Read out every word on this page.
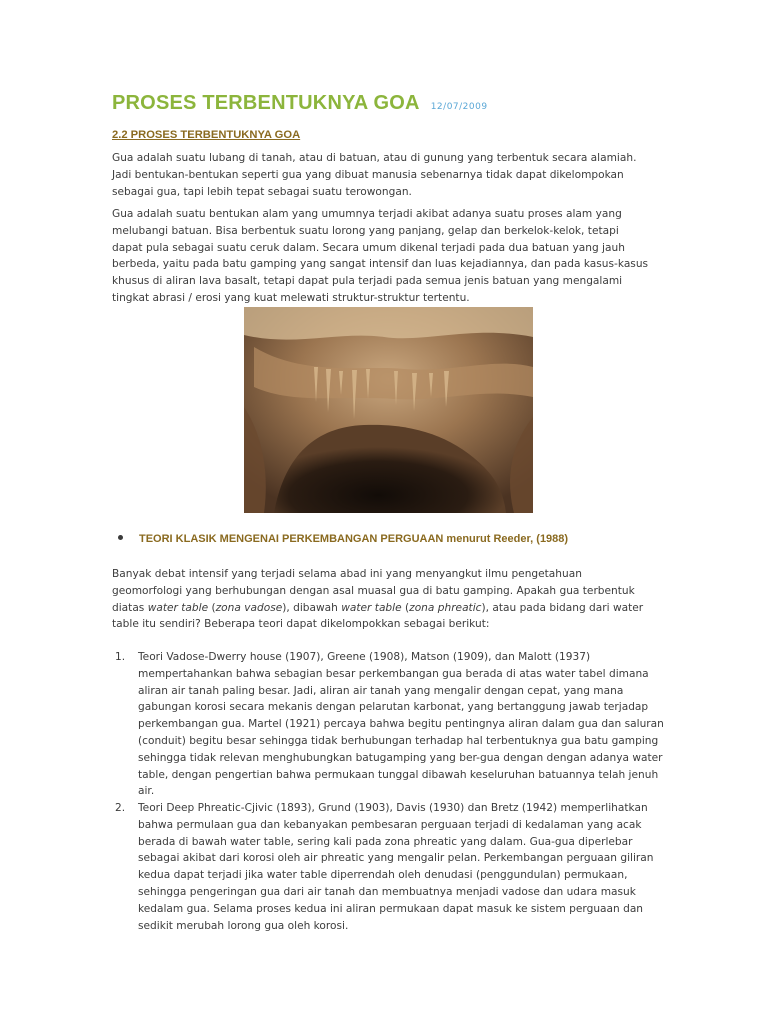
PROSES TERBENTUKNYA GOA 12/07/2009
2.2 PROSES TERBENTUKNYA GOA

Gua adalah suatu lubang di tanah, atau di batuan, atau di gunung yang terbentuk secara alamiah. Jadi bentukan-bentukan seperti gua yang dibuat manusia sebenarnya tidak dapat dikelompokan sebagai gua, tapi lebih tepat sebagai suatu terowongan.

Gua adalah suatu bentukan alam yang umumnya terjadi akibat adanya suatu proses alam yang melubangi batuan. Bisa berbentuk suatu lorong yang panjang, gelap dan berkelok-kelok, tetapi dapat pula sebagai suatu ceruk dalam. Secara umum dikenal terjadi pada dua batuan yang jauh berbeda, yaitu pada batu gamping yang sangat intensif dan luas kejadiannya, dan pada kasus-kasus khusus di aliran lava basalt, tetapi dapat pula terjadi pada semua jenis batuan yang mengalami tingkat abrasi / erosi yang kuat melewati struktur-struktur tertentu.

TEORI KLASIK MENGENAI PERKEMBANGAN PERGUAAN menurut Reeder, (1988)

Banyak debat intensif yang terjadi selama abad ini yang menyangkut ilmu pengetahuan geomorfologi yang berhubungan dengan asal muasal gua di batu gamping. Apakah gua terbentuk diatas water table (zona vadose), dibawah water table (zona phreatic), atau pada bidang dari water table itu sendiri? Beberapa teori dapat dikelompokkan sebagai berikut:

1. Teori Vadose-Dwerry house (1907), Greene (1908), Matson (1909), dan Malott (1937) mempertahankan bahwa sebagian besar perkembangan gua berada di atas water tabel dimana aliran air tanah paling besar. Jadi, aliran air tanah yang mengalir dengan cepat, yang mana gabungan korosi secara mekanis dengan pelarutan karbonat, yang bertanggung jawab terjadap perkembangan gua. Martel (1921) percaya bahwa begitu pentingnya aliran dalam gua dan saluran (conduit) begitu besar sehingga tidak berhubungan terhadap hal terbentuknya gua batu gamping sehingga tidak relevan menghubungkan batugamping yang ber-gua dengan dengan adanya water table, dengan pengertian bahwa permukaan tunggal dibawah keseluruhan batuannya telah jenuh air.
2. Teori Deep Phreatic-Cjivic (1893), Grund (1903), Davis (1930) dan Bretz (1942) memperlihatkan bahwa permulaan gua dan kebanyakan pembesaran perguaan terjadi di kedalaman yang acak berada di bawah water table, sering kali pada zona phreatic yang dalam. Gua-gua diperlebar sebagai akibat dari korosi oleh air phreatic yang mengalir pelan. Perkembangan perguaan giliran kedua dapat terjadi jika water table diperrendah oleh denudasi (penggundulan) permukaan, sehingga pengeringan gua dari air tanah dan membuatnya menjadi vadose dan udara masuk kedalam gua. Selama proses kedua ini aliran permukaan dapat masuk ke sistem perguaan dan sedikit merubah lorong gua oleh korosi.
